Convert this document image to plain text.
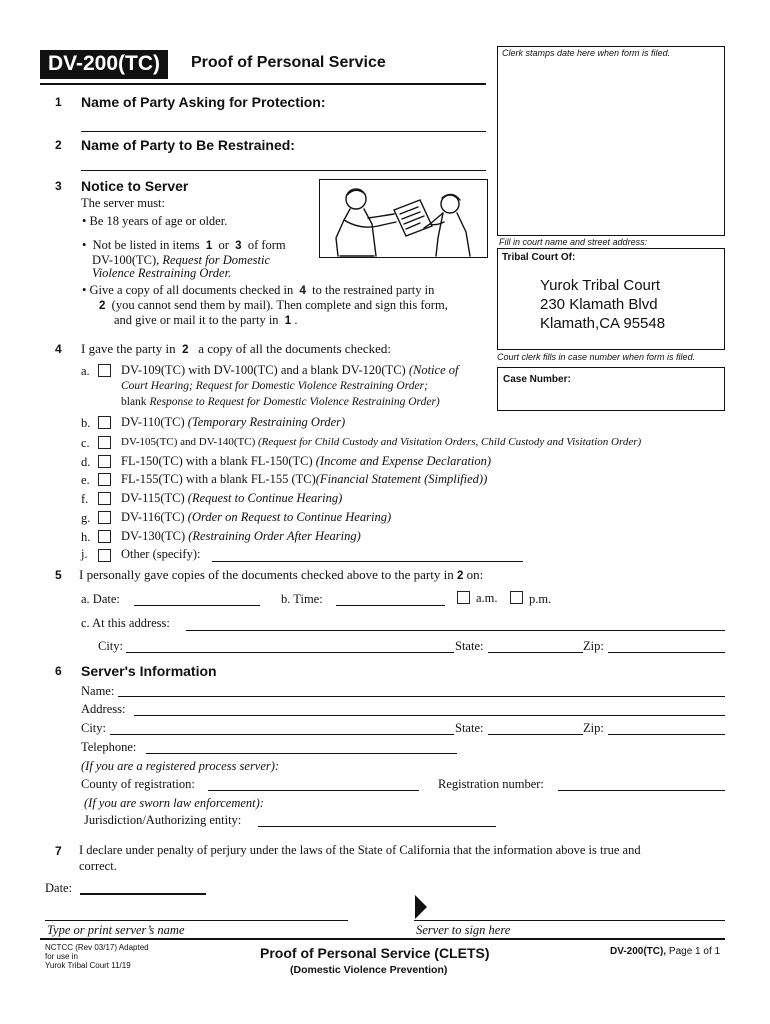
DV-200(TC)	Proof of Personal Service
Clerk stamps date here when form is filed.
Fill in court name and street address:
Tribal Court Of:
Yurok Tribal Court
230 Klamath Blvd
Klamath,CA 95548
Court clerk fills in case number when form is filed.
Case Number:
1 Name of Party Asking for Protection:
2 Name of Party to Be Restrained:
3 Notice to Server
The server must:
• Be 18 years of age or older.
•  Not be listed in items 1 or 3 of form
DV-100(TC), Request for Domestic
Violence Restraining Order.
• Give a copy of all documents checked in 4 to the restrained party in
2 (you cannot send them by mail). Then complete and sign this form,
and give or mail it to the party in 1 .
4 I gave the party in 2 a copy of all the documents checked:
a.	DV-109(TC) with DV-100(TC) and a blank DV-120(TC) (Notice of
Court Hearing; Request for Domestic Violence Restraining Order;
blank Response to Request for Domestic Violence Restraining Order)
b. DV-110(TC) (Temporary Restraining Order)
c.	DV-105(TC) and DV-140(TC) (Request for Child Custody and Visitation Orders, Child Custody and Visitation Order)
d. FL-150(TC) with a blank FL-150(TC) (Income and Expense Declaration)
e.	FL-155(TC) with a blank FL-155 (TC)(Financial Statement (Simplified))
f.	DV-115(TC) (Request to Continue Hearing)
g. DV-116(TC) (Order on Request to Continue Hearing)
h. DV-130(TC) (Restraining Order After Hearing)
j.	Other (specify):
5 I personally gave copies of the documents checked above to the party in 2 on:
a. Date:	b. Time:	a.m.	p.m.
c. At this address:
City:	State:	Zip:
6 Server's Information
Name:
Address:
City:	State:	Zip:
Telephone:
(If you are a registered process server):
County of registration:	Registration number:
(If you are sworn law enforcement):
Jurisdiction/Authorizing entity:
7 I declare under penalty of perjury under the laws of the State of California that the information above is true and
correct.
Date:
Type or print server’s name	Server to sign here
NCTCC (Rev 03/17) Adapted
for use in
Yurok Tribal Court 11/19
Proof of Personal Service (CLETS)
(Domestic Violence Prevention)
DV-200(TC), Page 1 of 1
